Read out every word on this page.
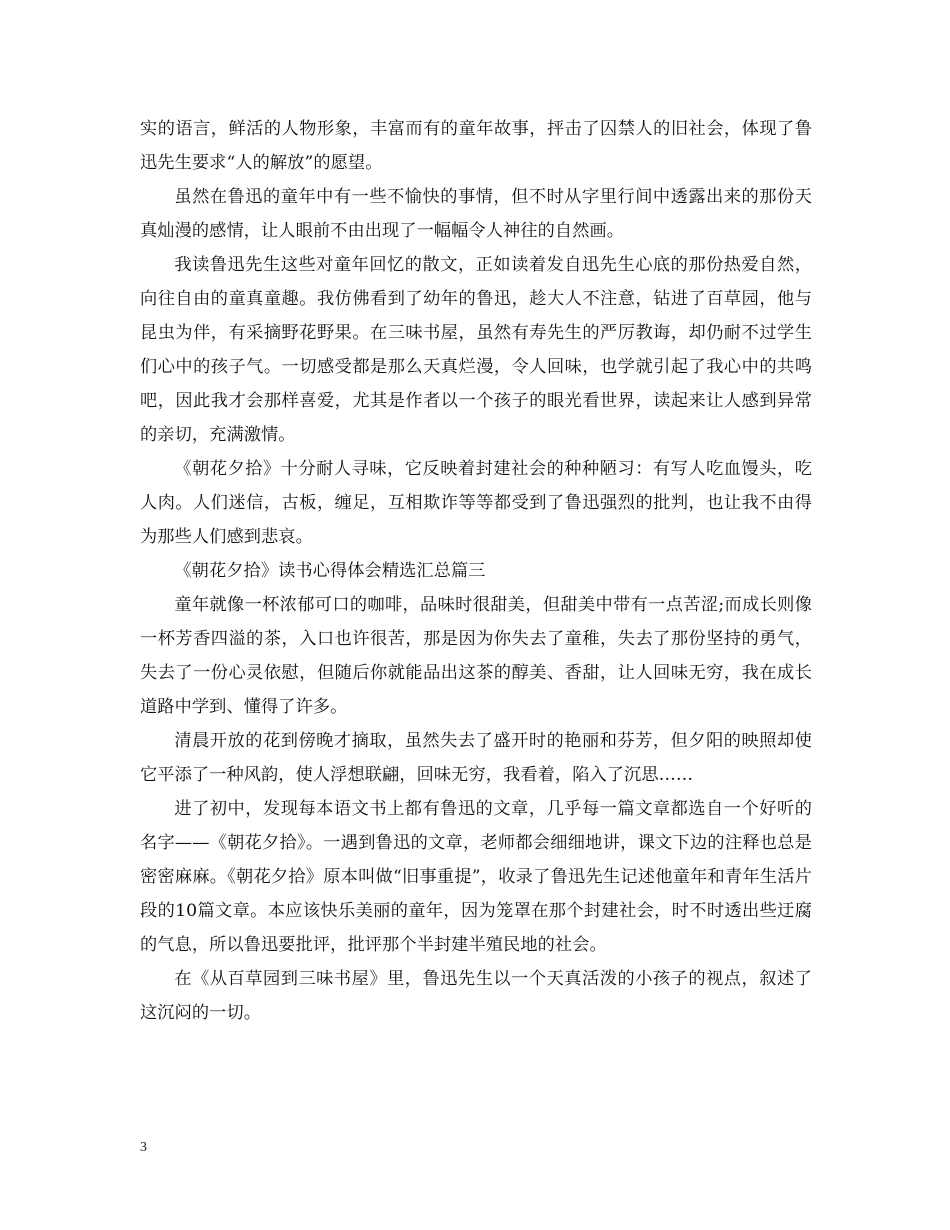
实的语言，鲜活的人物形象，丰富而有的童年故事，抨击了囚禁人的旧社会，体现了鲁迅先生要求“人的解放”的愿望。

虽然在鲁迅的童年中有一些不愉快的事情，但不时从字里行间中透露出来的那份天真灿漫的感情，让人眼前不由出现了一幅幅令人神往的自然画。

我读鲁迅先生这些对童年回忆的散文，正如读着发自迅先生心底的那份热爱自然，向往自由的童真童趣。我仿佛看到了幼年的鲁迅，趁大人不注意，钻进了百草园，他与昆虫为伴，有采摘野花野果。在三味书屋，虽然有寿先生的严厉教诲，却仍耐不过学生们心中的孩子气。一切感受都是那么天真烂漫，令人回味，也学就引起了我心中的共鸣吧，因此我才会那样喜爱，尤其是作者以一个孩子的眼光看世界，读起来让人感到异常的亲切，充满激情。

《朝花夕拾》十分耐人寻味，它反映着封建社会的种种陋习：有写人吃血馒头，吃人肉。人们迷信，古板，缠足，互相欺诈等等都受到了鲁迅强烈的批判，也让我不由得为那些人们感到悲哀。

《朝花夕拾》读书心得体会精选汇总篇三

童年就像一杯浓郁可口的咖啡，品味时很甜美，但甜美中带有一点苦涩;而成长则像一杯芳香四溢的茶，入口也许很苦，那是因为你失去了童稚，失去了那份坚持的勇气，失去了一份心灵依慰，但随后你就能品出这茶的醇美、香甜，让人回味无穷，我在成长道路中学到、懂得了许多。

清晨开放的花到傍晚才摘取，虽然失去了盛开时的艳丽和芬芳，但夕阳的映照却使它平添了一种风韵，使人浮想联翩，回味无穷，我看着，陷入了沉思……

进了初中，发现每本语文书上都有鲁迅的文章，几乎每一篇文章都选自一个好听的名字——《朝花夕拾》。一遇到鲁迅的文章，老师都会细细地讲，课文下边的注释也总是密密麻麻。《朝花夕拾》原本叫做“旧事重提”，收录了鲁迅先生记述他童年和青年生活片段的10篇文章。本应该快乐美丽的童年，因为笼罩在那个封建社会，时不时透出些迂腐的气息，所以鲁迅要批评，批评那个半封建半殖民地的社会。

在《从百草园到三味书屋》里，鲁迅先生以一个天真活泼的小孩子的视点，叙述了这沉闷的一切。

3
